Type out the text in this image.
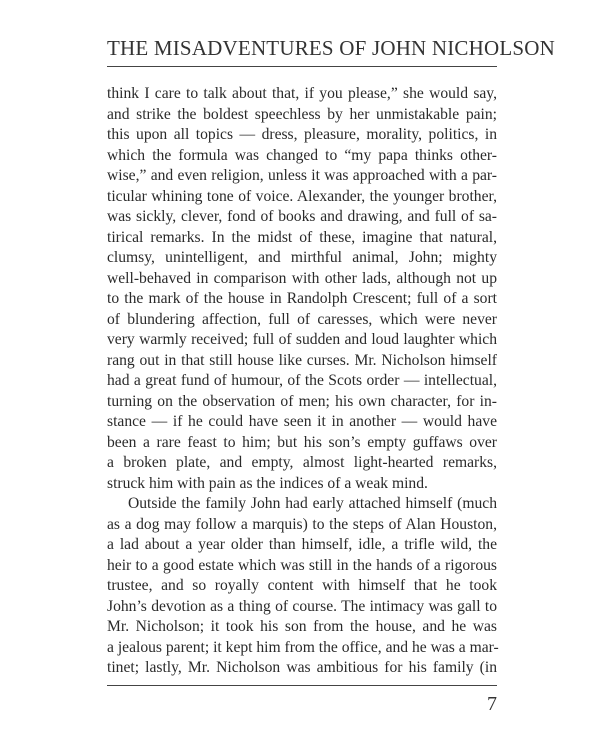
THE MISADVENTURES OF JOHN NICHOLSON
think I care to talk about that, if you please,” she would say,
and strike the boldest speechless by her unmistakable pain;
this upon all topics — dress, pleasure, morality, politics, in
which the formula was changed to “my papa thinks other-
wise,” and even religion, unless it was approached with a par-
ticular whining tone of voice. Alexander, the younger brother,
was sickly, clever, fond of books and drawing, and full of sa-
tirical remarks. In the midst of these, imagine that natural,
clumsy, unintelligent, and mirthful animal, John; mighty
well-behaved in comparison with other lads, although not up
to the mark of the house in Randolph Crescent; full of a sort
of blundering affection, full of caresses, which were never
very warmly received; full of sudden and loud laughter which
rang out in that still house like curses. Mr. Nicholson himself
had a great fund of humour, of the Scots order — intellectual,
turning on the observation of men; his own character, for in-
stance — if he could have seen it in another — would have
been a rare feast to him; but his son’s empty guffaws over
a broken plate, and empty, almost light-hearted remarks,
struck him with pain as the indices of a weak mind.
Outside the family John had early attached himself (much
as a dog may follow a marquis) to the steps of Alan Houston,
a lad about a year older than himself, idle, a trifle wild, the
heir to a good estate which was still in the hands of a rigorous
trustee, and so royally content with himself that he took
John’s devotion as a thing of course. The intimacy was gall to
Mr. Nicholson; it took his son from the house, and he was
a jealous parent; it kept him from the office, and he was a mar-
tinet; lastly, Mr. Nicholson was ambitious for his family (in
7
